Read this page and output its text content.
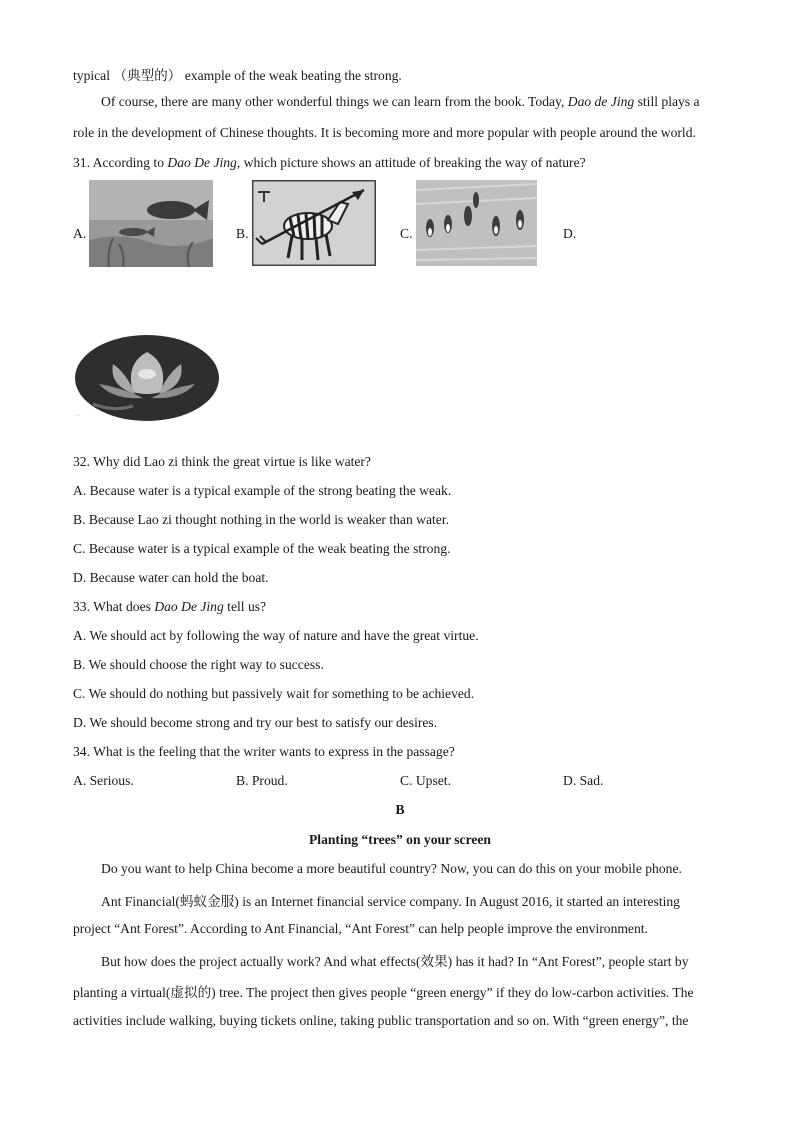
typical （典型的） example of the weak beating the strong.
Of course, there are many other wonderful things we can learn from the book. Today, Dao de Jing still plays a
role in the development of Chinese thoughts. It is becoming more and more popular with people around the world.
31. According to Dao De Jing, which picture shows an attitude of breaking the way of nature?
A.	B.	C.	D.
..
32. Why did Lao zi think the great virtue is like water?
A. Because water is a typical example of the strong beating the weak.
B. Because Lao zi thought nothing in the world is weaker than water.
C. Because water is a typical example of the weak beating the strong.
D. Because water can hold the boat.
33. What does Dao De Jing tell us?
A. We should act by following the way of nature and have the great virtue.
B. We should choose the right way to success.
C. We should do nothing but passively wait for something to be achieved.
D. We should become strong and try our best to satisfy our desires.
34. What is the feeling that the writer wants to express in the passage?
A. Serious.	B. Proud.	C. Upset.	D. Sad.
B
Planting “trees” on your screen
Do you want to help China become a more beautiful country? Now, you can do this on your mobile phone.
Ant Financial(蚂蚁金服) is an Internet financial service company. In August 2016, it started an interesting
project “Ant Forest”. According to Ant Financial, “Ant Forest” can help people improve the environment.
But how does the project actually work? And what effects(效果) has it had? In “Ant Forest”, people start by
planting a virtual(虚拟的) tree. The project then gives people “green energy” if they do low-carbon activities. The
activities include walking, buying tickets online, taking public transportation and so on. With “green energy”, the
